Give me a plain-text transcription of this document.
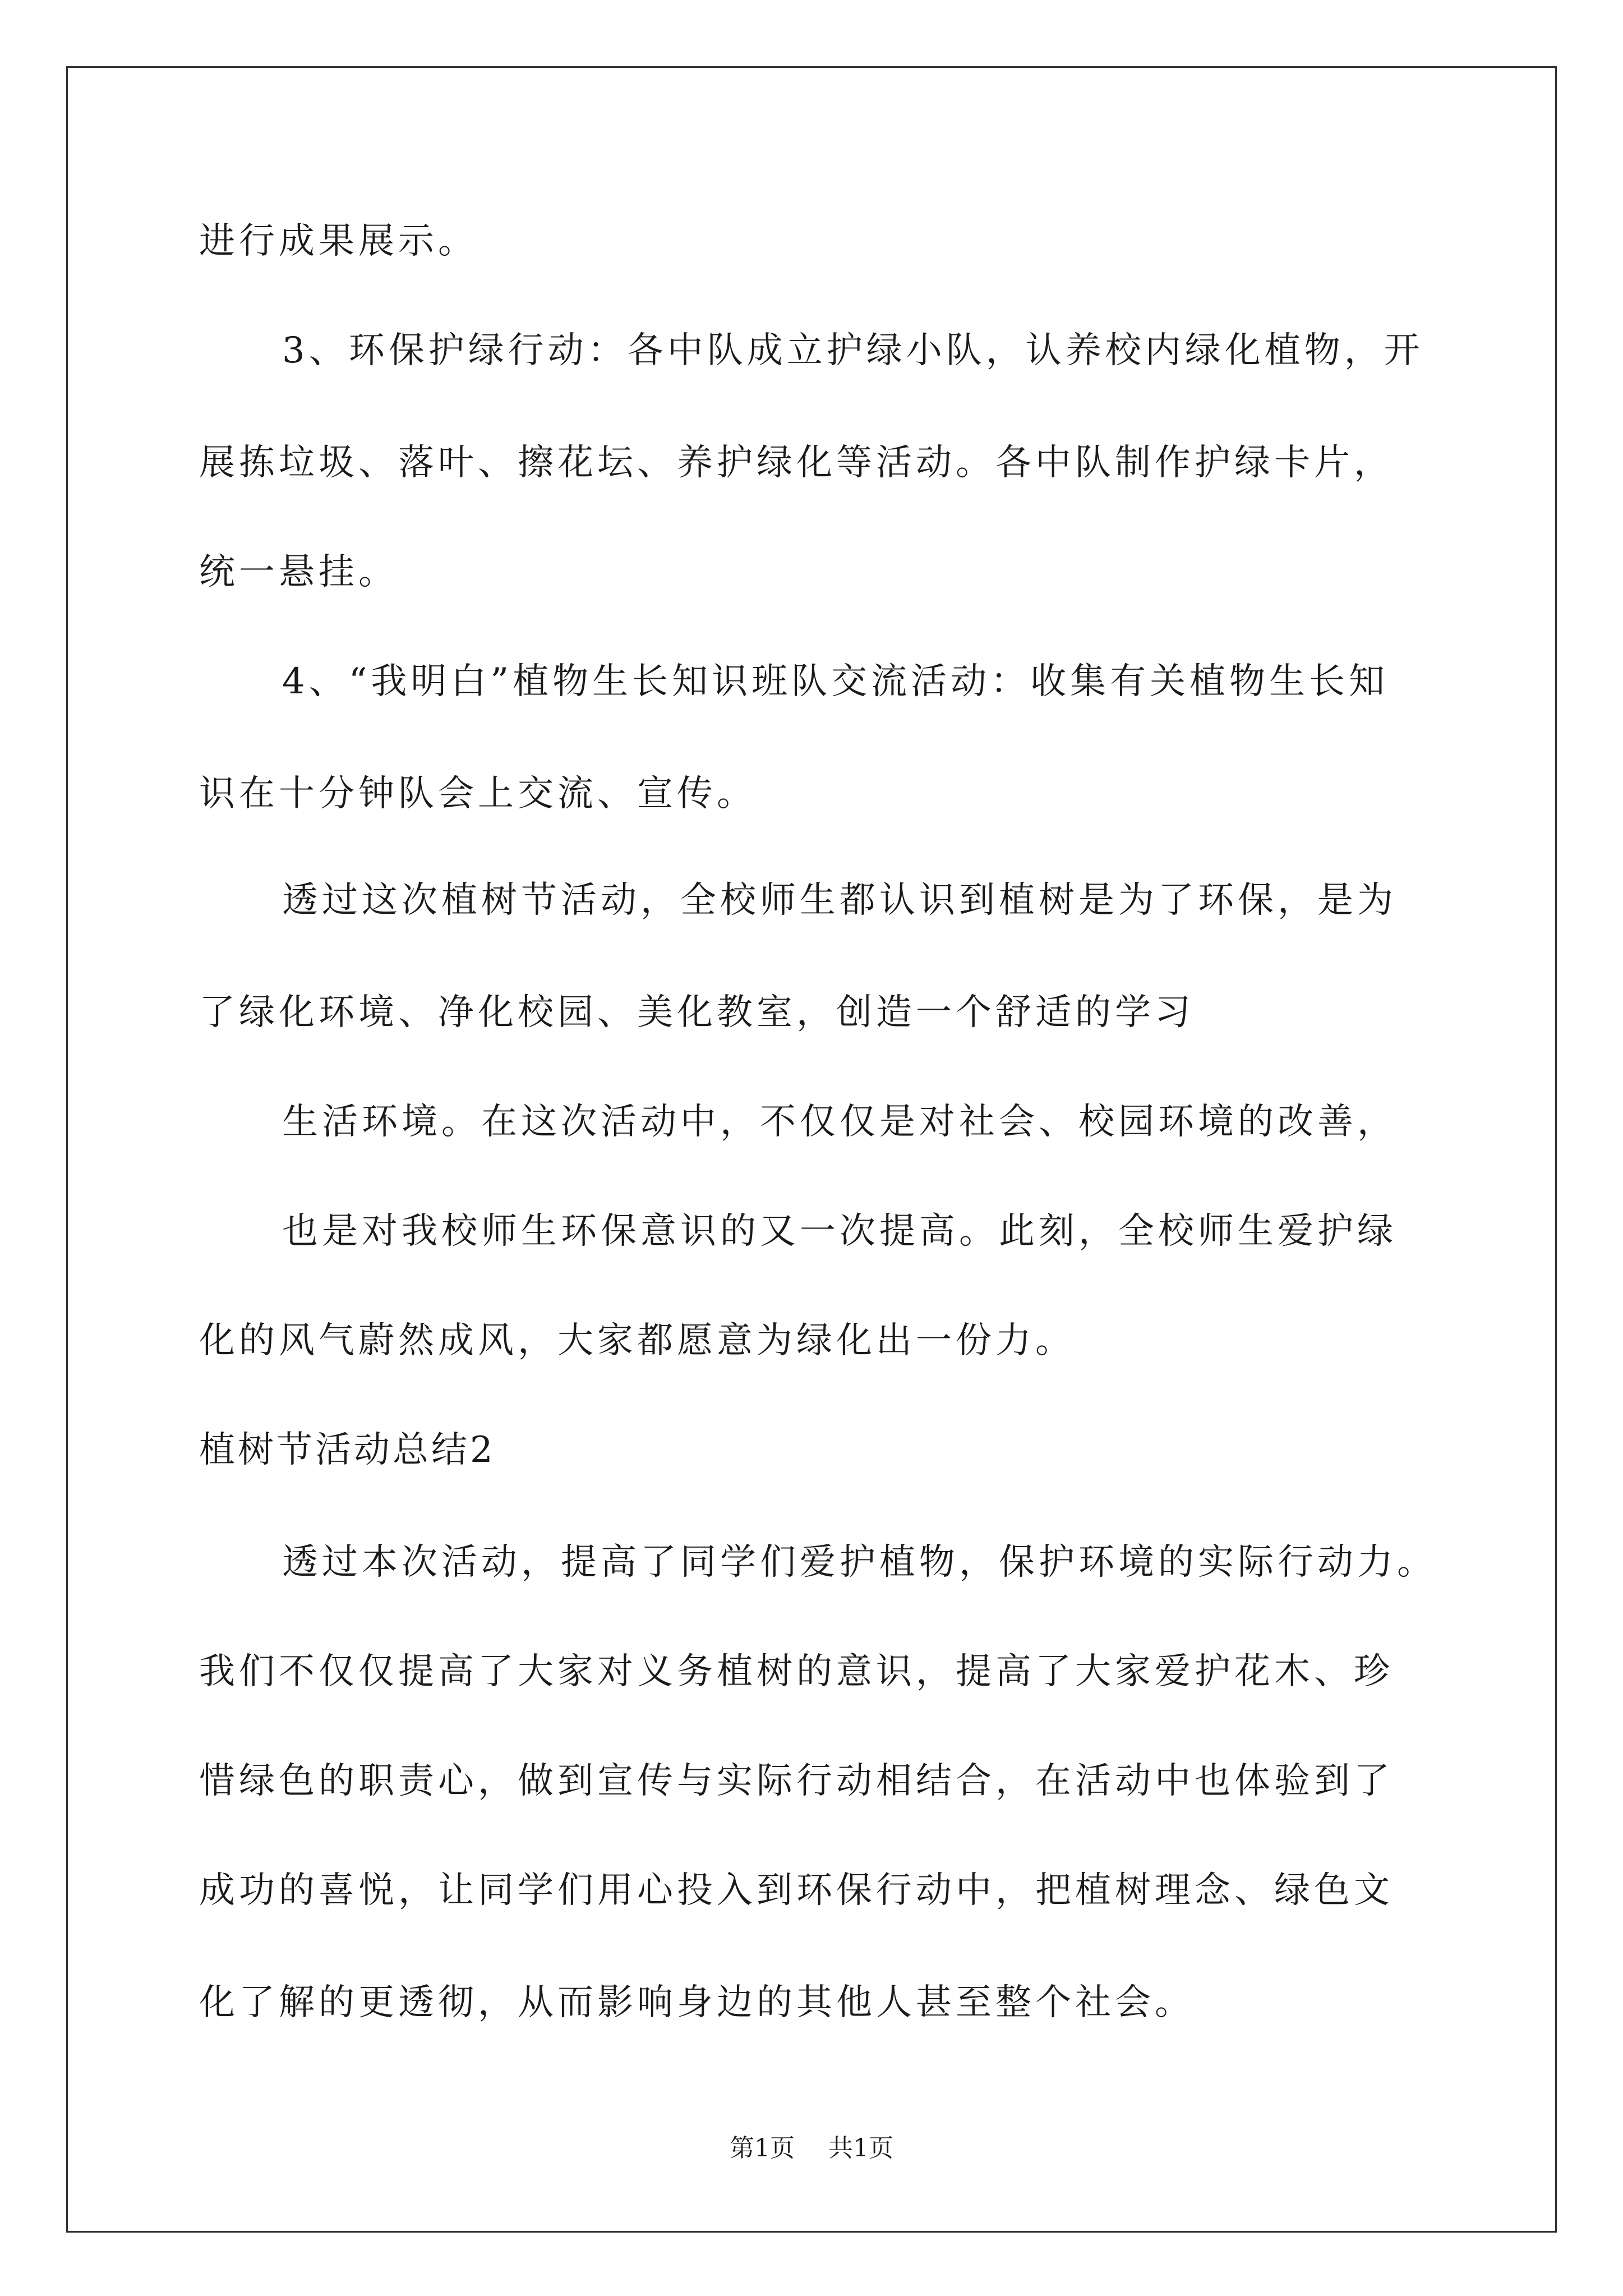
进行成果展示。
3、环保护绿行动：各中队成立护绿小队，认养校内绿化植物，开
展拣垃圾、落叶、擦花坛、养护绿化等活动。各中队制作护绿卡片，
统一悬挂。
4、“我明白”植物生长知识班队交流活动：收集有关植物生长知
识在十分钟队会上交流、宣传。
透过这次植树节活动，全校师生都认识到植树是为了环保，是为
了绿化环境、净化校园、美化教室，创造一个舒适的学习
生活环境。在这次活动中，不仅仅是对社会、校园环境的改善，
也是对我校师生环保意识的又一次提高。此刻，全校师生爱护绿
化的风气蔚然成风，大家都愿意为绿化出一份力。
植树节活动总结2
透过本次活动，提高了同学们爱护植物，保护环境的实际行动力。
我们不仅仅提高了大家对义务植树的意识，提高了大家爱护花木、珍
惜绿色的职责心，做到宣传与实际行动相结合，在活动中也体验到了
成功的喜悦，让同学们用心投入到环保行动中，把植树理念、绿色文
化了解的更透彻，从而影响身边的其他人甚至整个社会。
第1页 共1页
